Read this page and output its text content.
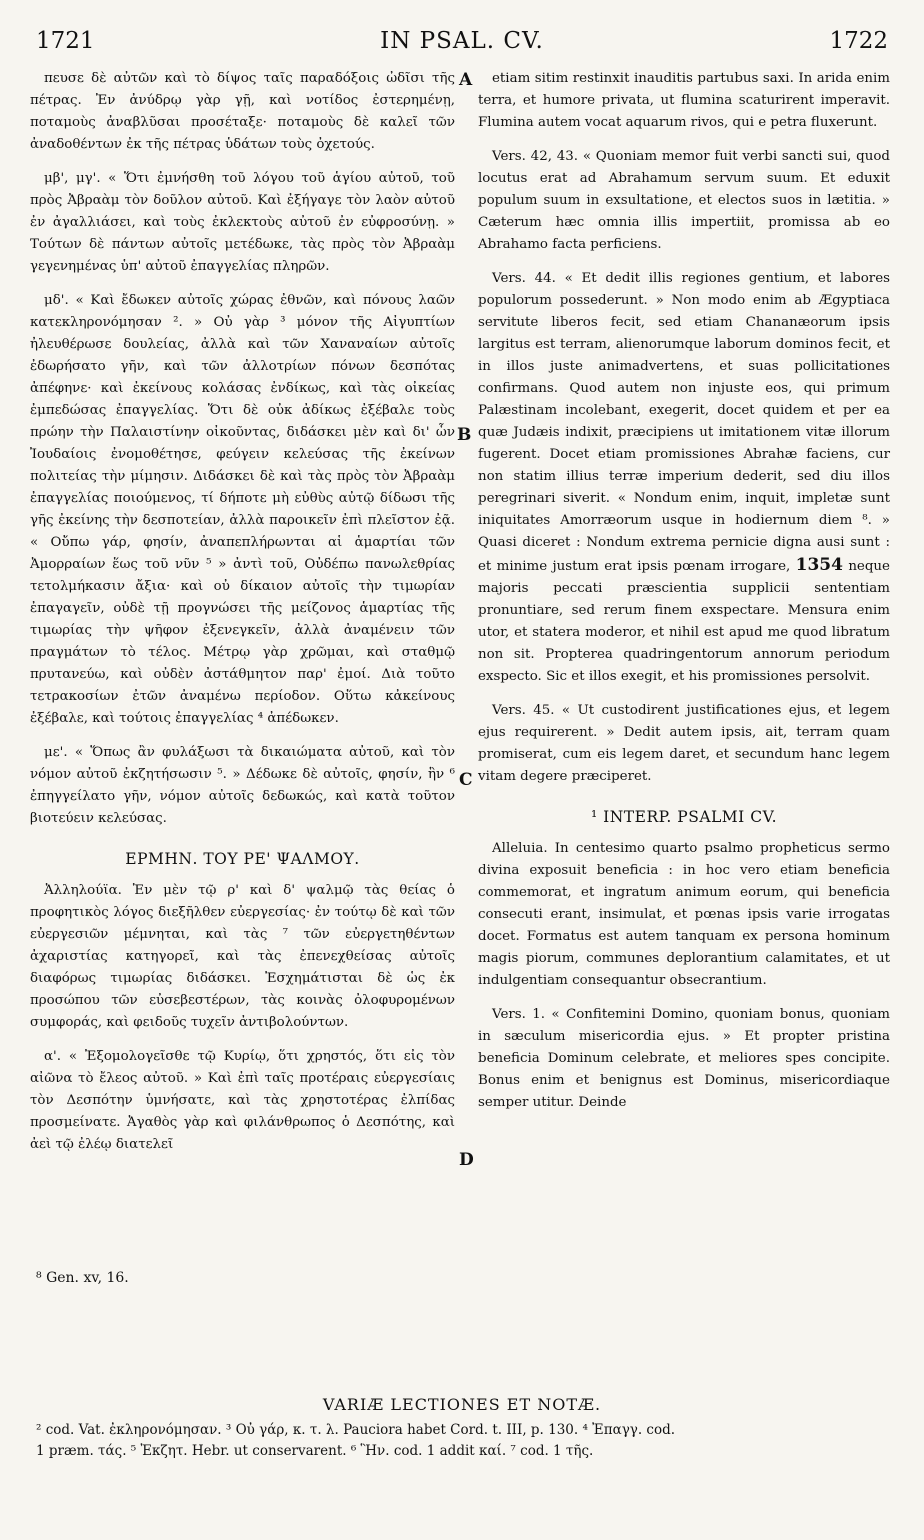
1721	IN PSAL. CV.	1722

πευσε δὲ αὐτῶν καὶ τὸ δίψος ταῖς παραδόξοις ὠδῖσι τῆς πέτρας. Ἐν ἀνύδρῳ γὰρ γῇ, καὶ νοτίδος ἐστερημένῃ, ποταμοὺς ἀναβλῦσαι προσέταξε· ποταμοὺς δὲ καλεῖ τῶν ἀναδοθέντων ἐκ τῆς πέτρας ὑδάτων τοὺς ὀχετούς.

μβ', μγ'. « Ὅτι ἐμνήσθη τοῦ λόγου τοῦ ἁγίου αὐτοῦ, τοῦ πρὸς Ἀβραὰμ τὸν δοῦλον αὐτοῦ. Καὶ ἐξήγαγε τὸν λαὸν αὐτοῦ ἐν ἀγαλλιάσει, καὶ τοὺς ἐκλεκτοὺς αὐτοῦ ἐν εὐφροσύνῃ. » Τούτων δὲ πάντων αὐτοῖς μετέδωκε, τὰς πρὸς τὸν Ἀβραὰμ γεγενημένας ὑπ' αὐτοῦ ἐπαγγελίας πληρῶν.

μδ'. « Καὶ ἔδωκεν αὐτοῖς χώρας ἐθνῶν, καὶ πόνους λαῶν κατεκληρονόμησαν ². » Οὐ γὰρ ³ μόνον τῆς Αἰγυπτίων ἠλευθέρωσε δουλείας, ἀλλὰ καὶ τῶν Χαναναίων αὐτοῖς ἐδωρήσατο γῆν, καὶ τῶν ἀλλοτρίων πόνων δεσπότας ἀπέφηνε· καὶ ἐκείνους κολάσας ἐνδίκως, καὶ τὰς οἰκείας ἐμπεδώσας ἐπαγγελίας. Ὅτι δὲ οὐκ ἀδίκως ἐξέβαλε τοὺς πρώην τὴν Παλαιστίνην οἰκοῦντας, διδάσκει μὲν καὶ δι' ὧν Ἰουδαίοις ἐνομοθέτησε, φεύγειν κελεύσας τῆς ἐκείνων πολιτείας τὴν μίμησιν. Διδάσκει δὲ καὶ τὰς πρὸς τὸν Ἀβραὰμ ἐπαγγελίας ποιούμενος, τί δήποτε μὴ εὐθὺς αὐτῷ δίδωσι τῆς γῆς ἐκείνης τὴν δεσποτείαν, ἀλλὰ παροικεῖν ἐπὶ πλεῖστον ἐᾷ. « Οὔπω γάρ, φησίν, ἀναπεπλήρωνται αἱ ἁμαρτίαι τῶν Ἀμορραίων ἕως τοῦ νῦν ⁵ » ἀντὶ τοῦ, Οὐδέπω πανωλεθρίας τετολμήκασιν ἄξια· καὶ οὐ δίκαιον αὐτοῖς τὴν τιμωρίαν ἐπαγαγεῖν, οὐδὲ τῇ προγνώσει τῆς μείζονος ἁμαρτίας τῆς τιμωρίας τὴν ψῆφον ἐξενεγκεῖν, ἀλλὰ ἀναμένειν τῶν πραγμάτων τὸ τέλος. Μέτρῳ γὰρ χρῶμαι, καὶ σταθμῷ πρυτανεύω, καὶ οὐδὲν ἀστάθμητον παρ' ἐμοί. Διὰ τοῦτο τετρακοσίων ἐτῶν ἀναμένω περίοδον. Οὕτω κἀκείνους ἐξέβαλε, καὶ τούτοις ἐπαγγελίας ⁴ ἀπέδωκεν.

με'. « Ὅπως ἂν φυλάξωσι τὰ δικαιώματα αὐτοῦ, καὶ τὸν νόμον αὐτοῦ ἐκζητήσωσιν ⁵. » Δέδωκε δὲ αὐτοῖς, φησίν, ἣν ⁶ ἐπηγγείλατο γῆν, νόμον αὐτοῖς δεδωκώς, καὶ κατὰ τοῦτον βιοτεύειν κελεύσας.

ΕΡΜΗΝ. ΤΟΥ ΡΕ' ΨΑΛΜΟΥ.

Ἀλληλούϊα. Ἐν μὲν τῷ ρ' καὶ δ' ψαλμῷ τὰς θείας ὁ προφητικὸς λόγος διεξῆλθεν εὐεργεσίας· ἐν τούτῳ δὲ καὶ τῶν εὐεργεσιῶν μέμνηται, καὶ τὰς ⁷ τῶν εὐεργετηθέντων ἀχαριστίας κατηγορεῖ, καὶ τὰς ἐπενεχθείσας αὐτοῖς διαφόρως τιμωρίας διδάσκει. Ἐσχημάτισται δὲ ὡς ἐκ προσώπου τῶν εὐσεβεστέρων, τὰς κοινὰς ὀλοφυρομένων συμφοράς, καὶ φειδοῦς τυχεῖν ἀντιβολούντων.

α'. « Ἐξομολογεῖσθε τῷ Κυρίῳ, ὅτι χρηστός, ὅτι εἰς τὸν αἰῶνα τὸ ἔλεος αὐτοῦ. » Καὶ ἐπὶ ταῖς προτέραις εὐεργεσίαις τὸν Δεσπότην ὑμνήσατε, καὶ τὰς χρηστοτέρας ἐλπίδας προσμείνατε. Ἀγαθὸς γὰρ καὶ φιλάνθρωπος ὁ Δεσπότης, καὶ ἀεὶ τῷ ἐλέῳ διατελεῖ

etiam sitim restinxit inauditis partubus saxi. In arida enim terra, et humore privata, ut flumina scaturirent imperavit. Flumina autem vocat aquarum rivos, qui e petra fluxerunt.

Vers. 42, 43. « Quoniam memor fuit verbi sancti sui, quod locutus erat ad Abrahamum servum suum. Et eduxit populum suum in exsultatione, et electos suos in lætitia. » Cæterum hæc omnia illis impertiit, promissa ab eo Abrahamo facta perficiens.

Vers. 44. « Et dedit illis regiones gentium, et labores populorum possederunt. » Non modo enim ab Ægyptiaca servitute liberos fecit, sed etiam Chananæorum ipsis largitus est terram, alienorumque laborum dominos fecit, et in illos juste animadvertens, et suas pollicitationes confirmans. Quod autem non injuste eos, qui primum Palæstinam incolebant, exegerit, docet quidem et per ea quæ Judæis indixit, præcipiens ut imitationem vitæ illorum fugerent. Docet etiam promissiones Abrahæ faciens, cur non statim illius terræ imperium dederit, sed diu illos peregrinari siverit. « Nondum enim, inquit, impletæ sunt iniquitates Amorræorum usque in hodiernum diem ⁸. » Quasi diceret : Nondum extrema pernicie digna ausi sunt : et minime justum erat ipsis pœnam irrogare, 1354 neque majoris peccati præscientia supplicii sententiam pronuntiare, sed rerum finem exspectare. Mensura enim utor, et statera moderor, et nihil est apud me quod libratum non sit. Propterea quadringentorum annorum periodum exspecto. Sic et illos exegit, et his promissiones persolvit.

Vers. 45. « Ut custodirent justificationes ejus, et legem ejus requirerent. » Dedit autem ipsis, ait, terram quam promiserat, cum eis legem daret, et secundum hanc legem vitam degere præciperet.

¹ INTERP. PSALMI CV.

Alleluia. In centesimo quarto psalmo propheticus sermo divina exposuit beneficia : in hoc vero etiam beneficia commemorat, et ingratum animum eorum, qui beneficia consecuti erant, insimulat, et pœnas ipsis varie irrogatas docet. Formatus est autem tanquam ex persona hominum magis piorum, communes deplorantium calamitates, et ut indulgentiam consequantur obsecrantium.

Vers. 1. « Confitemini Domino, quoniam bonus, quoniam in sæculum misericordia ejus. » Et propter pristina beneficia Dominum celebrate, et meliores spes concipite. Bonus enim et benignus est Dominus, misericordiaque semper utitur. Deinde

A
B
C
D
⁸ Gen. xv, 16.
VARIÆ LECTIONES ET NOTÆ.
² cod. Vat. ἐκληρονόμησαν. ³ Οὐ γάρ, κ. τ. λ. Pauciora habet Cord. t. III, p. 130. ⁴ Ἐπαγγ. cod.
1 præm. τάς. ⁵ Ἐκζητ. Hebr. ut conservarent. ⁶ Ἣν. cod. 1 addit καί. ⁷ cod. 1 τῆς.
